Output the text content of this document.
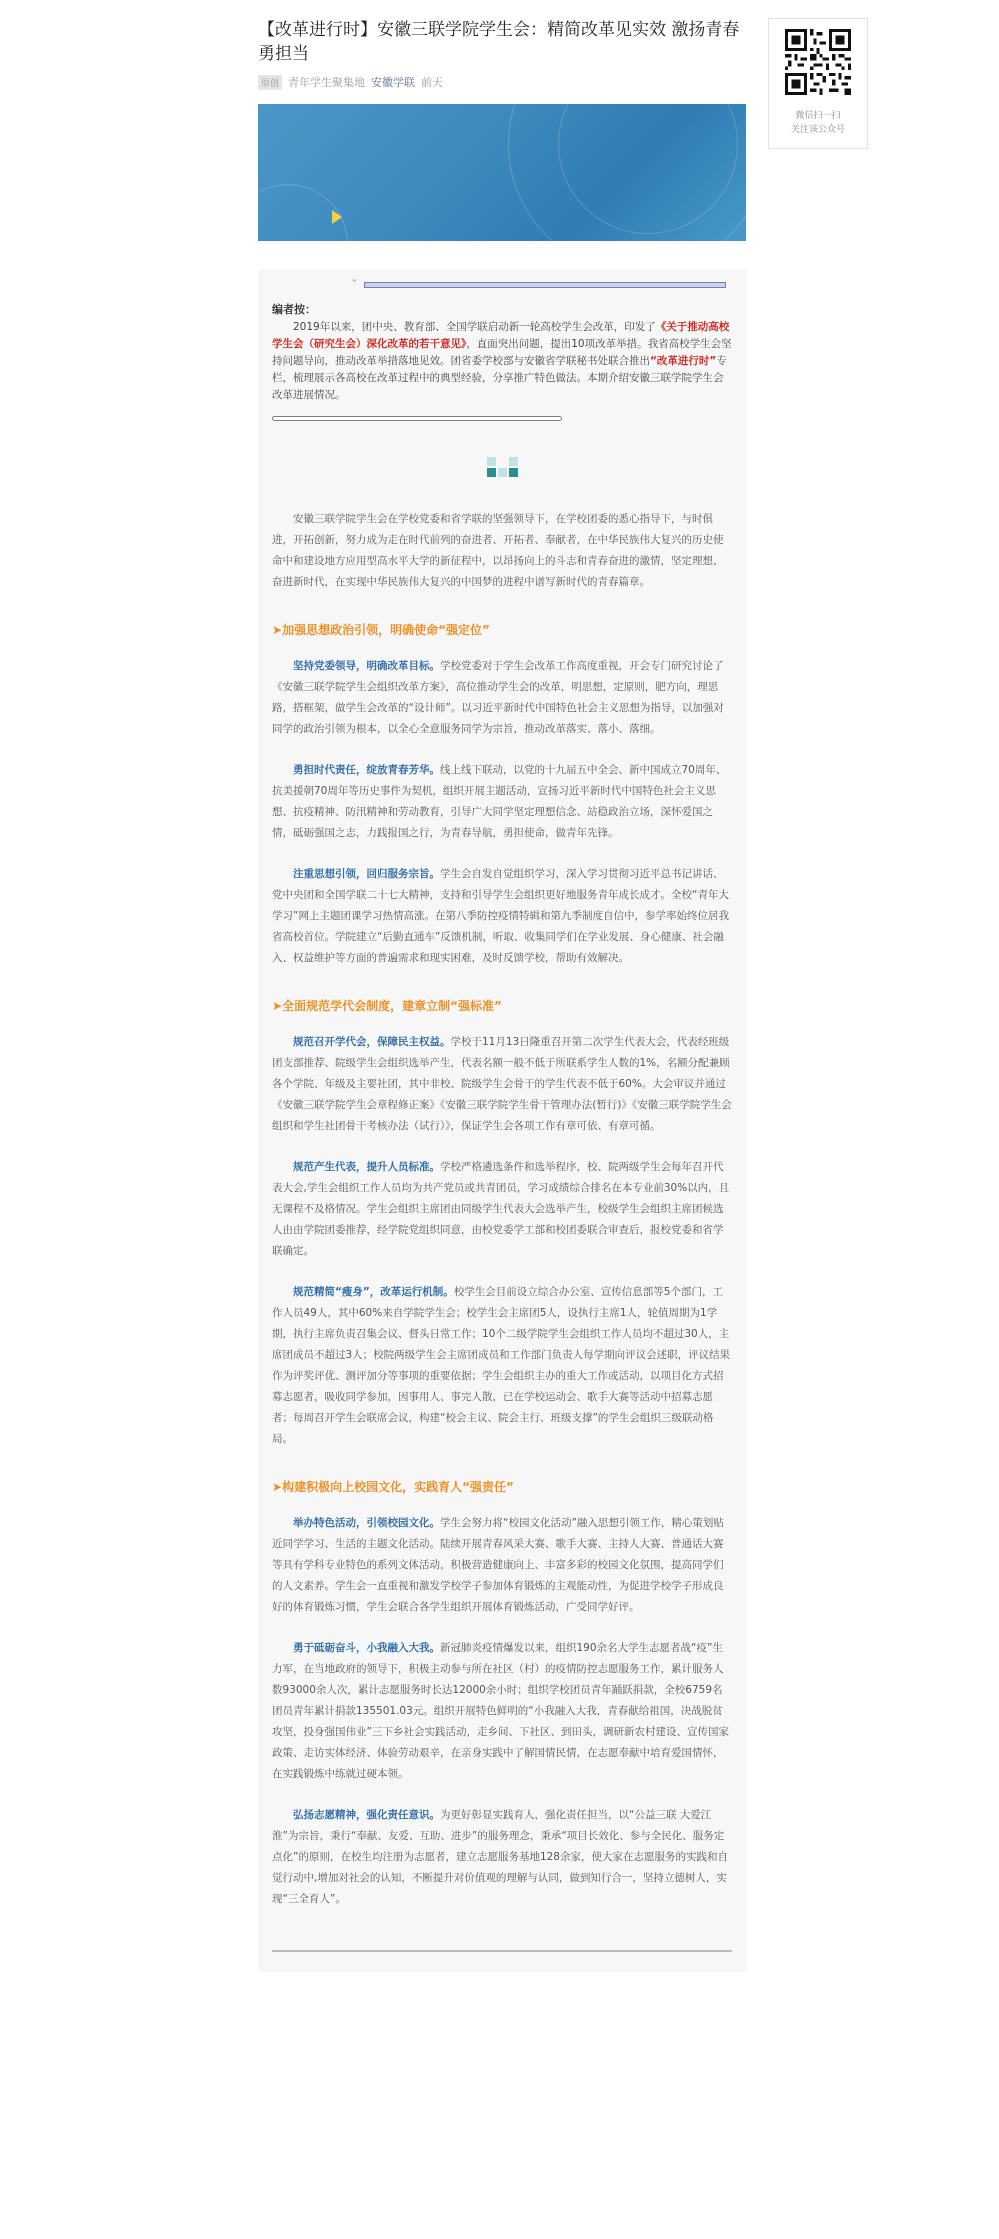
【改革进行时】安徽三联学院学生会：精简改革见实效 激扬青春勇担当
原创 青年学生聚集地 安徽学联 前天
”
编者按：

2019年以来，团中央、教育部、全国学联启动新一轮高校学生会改革，印发了《关于推动高校学生会（研究生会）深化改革的若干意见》，直面突出问题，提出10项改革举措。我省高校学生会坚持问题导向，推动改革举措落地见效。团省委学校部与安徽省学联秘书处联合推出“改革进行时”专栏，梳理展示各高校在改革过程中的典型经验，分享推广特色做法。本期介绍安徽三联学院学生会改革进展情况。

安徽三联学院学生会在学校党委和省学联的坚强领导下，在学校团委的悉心指导下，与时俱进，开拓创新，努力成为走在时代前列的奋进者、开拓者、奉献者，在中华民族伟大复兴的历史使命中和建设地方应用型高水平大学的新征程中，以昂扬向上的斗志和青春奋进的激情，坚定理想、奋进新时代，在实现中华民族伟大复兴的中国梦的进程中谱写新时代的青春篇章。

➤加强思想政治引领，明确使命“强定位”

坚持党委领导，明确改革目标。学校党委对于学生会改革工作高度重视，开会专门研究讨论了《安徽三联学院学生会组织改革方案》，高位推动学生会的改革，明思想，定原则，肥方向，理思路，搭框架，做学生会改革的“设计师”。以习近平新时代中国特色社会主义思想为指导，以加强对同学的政治引领为根本，以全心全意服务同学为宗旨，推动改革落实、落小、落细。

勇担时代责任，绽放青春芳华。线上线下联动，以党的十九届五中全会、新中国成立70周年、抗美援朝70周年等历史事件为契机，组织开展主题活动，宣扬习近平新时代中国特色社会主义思想、抗疫精神、防汛精神和劳动教育，引导广大同学坚定理想信念、站稳政治立场，深怀爱国之情，砥砺强国之志，力践报国之行，为青春导航，勇担使命，做青年先锋。

注重思想引领，回归服务宗旨。学生会自发自觉组织学习，深入学习贯彻习近平总书记讲话、党中央团和全国学联二十七大精神，支持和引导学生会组织更好地服务青年成长成才。全校“青年大学习”网上主题团课学习热情高涨。在第八季防控疫情特辑和第九季制度自信中，参学率始终位居我省高校首位。学院建立“后勤直通车”反馈机制，听取、收集同学们在学业发展、身心健康、社会融入、权益维护等方面的普遍需求和现实困难，及时反馈学校，帮助有效解决。

➤全面规范学代会制度，建章立制“强标准”

规范召开学代会，保障民主权益。学校于11月13日隆重召开第二次学生代表大会，代表经班级团支部推荐、院级学生会组织选举产生，代表名额一般不低于所联系学生人数的1%，名额分配兼顾各个学院、年级及主要社团，其中非校、院级学生会骨干的学生代表不低于60%。大会审议并通过《安徽三联学院学生会章程修正案》《安徽三联学院学生骨干管理办法(暂行)》《安徽三联学院学生会组织和学生社团骨干考核办法（试行）》，保证学生会各项工作有章可依、有章可循。

规范产生代表，提升人员标准。学校严格遴选条件和选举程序，校、院两级学生会每年召开代表大会,学生会组织工作人员均为共产党员或共青团员，学习成绩综合排名在本专业前30%以内，且无课程不及格情况。学生会组织主席团由同级学生代表大会选举产生，校级学生会组织主席团候选人由由学院团委推荐，经学院党组织同意，由校党委学工部和校团委联合审查后，报校党委和省学联确定。

规范精简“瘦身”，改革运行机制。校学生会目前设立综合办公室、宣传信息部等5个部门，工作人员49人，其中60%来自学院学生会；校学生会主席团5人，设执行主席1人，轮值周期为1学期，执行主席负责召集会议、督头日常工作；10个二级学院学生会组织工作人员均不超过30人，主席团成员不超过3人；校院两级学生会主席团成员和工作部门负责人每学期向评议会述职，评议结果作为评奖评优、测评加分等事项的重要依据；学生会组织主办的重大工作或活动，以项目化方式招募志愿者，吸收同学参加，因事用人、事完人散，已在学校运动会、歌手大赛等活动中招募志愿者；每周召开学生会联席会议，构建“校会主议、院会主行、班级支撑”的学生会组织三级联动格局。

➤构建积极向上校园文化，实践育人“强责任”

举办特色活动，引领校园文化。学生会努力将“校园文化活动”融入思想引领工作，精心策划贴近同学学习、生活的主题文化活动。陆续开展青春风采大赛、歌手大赛、主持人大赛、普通话大赛等具有学科专业特色的系列文体活动，积极营造健康向上、丰富多彩的校园文化氛围，提高同学们的人文素养。学生会一直重视和激发学校学子参加体育锻炼的主观能动性，为促进学校学子形成良好的体育锻炼习惯，学生会联合各学生组织开展体育锻炼活动，广受同学好评。

勇于砥砺奋斗，小我融入大我。新冠肺炎疫情爆发以来，组织190余名大学生志愿者战“疫”生力军，在当地政府的领导下，积极主动参与所在社区（村）的疫情防控志愿服务工作，累计服务人数93000余人次，累计志愿服务时长达12000余小时；组织学校团员青年踊跃捐款，全校6759名团员青年累计捐款135501.03元。组织开展特色鲜明的“小我融入大我，青春献给祖国，决战脱贫攻坚，投身强国伟业”三下乡社会实践活动，走乡间、下社区、到田头，调研新农村建设、宣传国家政策、走访实体经济、体验劳动艰辛，在亲身实践中了解国情民情，在志愿奉献中培育爱国情怀，在实践锻炼中练就过硬本领。

弘扬志愿精神，强化责任意识。为更好彰显实践育人，强化责任担当，以“公益三联 大爱江淮”为宗旨，秉行“奉献、友爱、互助、进步”的服务理念，秉承“项目长效化、参与全民化、服务定点化”的原则，在校生均注册为志愿者，建立志愿服务基地128余家，使大家在志愿服务的实践和自觉行动中,增加对社会的认知，不断提升对价值观的理解与认同，做到知行合一，坚持立德树人，实现“三全育人”。

微信扫一扫
关注该公众号
